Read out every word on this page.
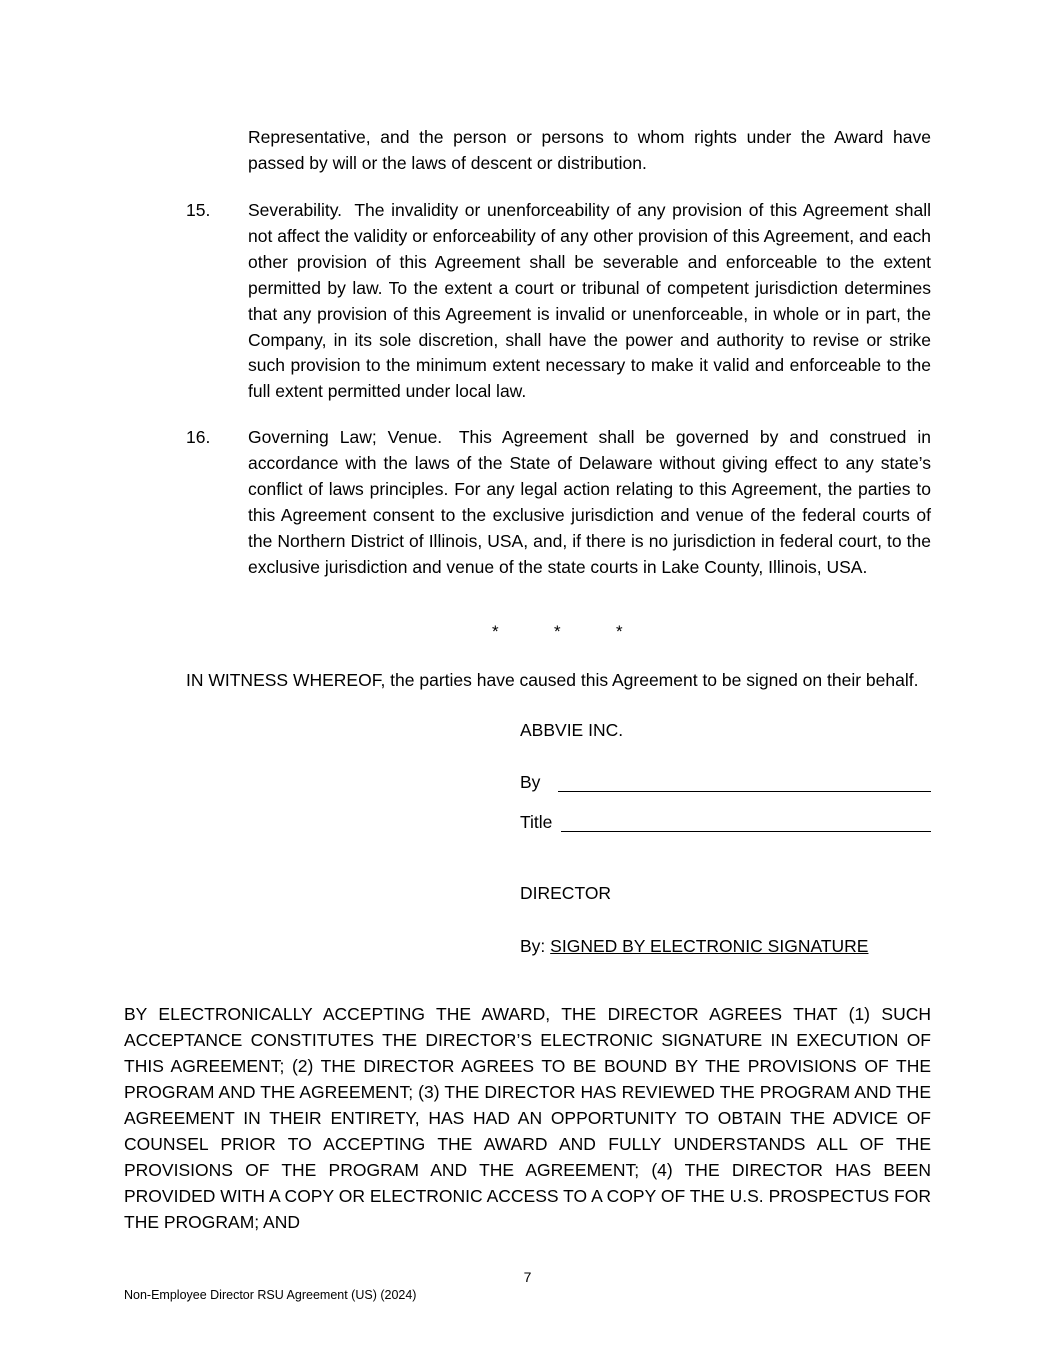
Representative, and the person or persons to whom rights under the Award have passed by will or the laws of descent or distribution.

15. Severability. The invalidity or unenforceability of any provision of this Agreement shall not affect the validity or enforceability of any other provision of this Agreement, and each other provision of this Agreement shall be severable and enforceable to the extent permitted by law. To the extent a court or tribunal of competent jurisdiction determines that any provision of this Agreement is invalid or unenforceable, in whole or in part, the Company, in its sole discretion, shall have the power and authority to revise or strike such provision to the minimum extent necessary to make it valid and enforceable to the full extent permitted under local law.

16. Governing Law; Venue. This Agreement shall be governed by and construed in accordance with the laws of the State of Delaware without giving effect to any state’s conflict of laws principles. For any legal action relating to this Agreement, the parties to this Agreement consent to the exclusive jurisdiction and venue of the federal courts of the Northern District of Illinois, USA, and, if there is no jurisdiction in federal court, to the exclusive jurisdiction and venue of the state courts in Lake County, Illinois, USA.

*	*	*

IN WITNESS WHEREOF, the parties have caused this Agreement to be signed on their behalf.

ABBVIE INC.

By

Title

DIRECTOR

By: SIGNED BY ELECTRONIC SIGNATURE

BY ELECTRONICALLY ACCEPTING THE AWARD, THE DIRECTOR AGREES THAT (1) SUCH ACCEPTANCE CONSTITUTES THE DIRECTOR’S ELECTRONIC SIGNATURE IN EXECUTION OF THIS AGREEMENT; (2) THE DIRECTOR AGREES TO BE BOUND BY THE PROVISIONS OF THE PROGRAM AND THE AGREEMENT; (3) THE DIRECTOR HAS REVIEWED THE PROGRAM AND THE AGREEMENT IN THEIR ENTIRETY, HAS HAD AN OPPORTUNITY TO OBTAIN THE ADVICE OF COUNSEL PRIOR TO ACCEPTING THE AWARD AND FULLY UNDERSTANDS ALL OF THE PROVISIONS OF THE PROGRAM AND THE AGREEMENT; (4) THE DIRECTOR HAS BEEN PROVIDED WITH A COPY OR ELECTRONIC ACCESS TO A COPY OF THE U.S. PROSPECTUS FOR THE PROGRAM; AND

7

Non-Employee Director RSU Agreement (US) (2024)
